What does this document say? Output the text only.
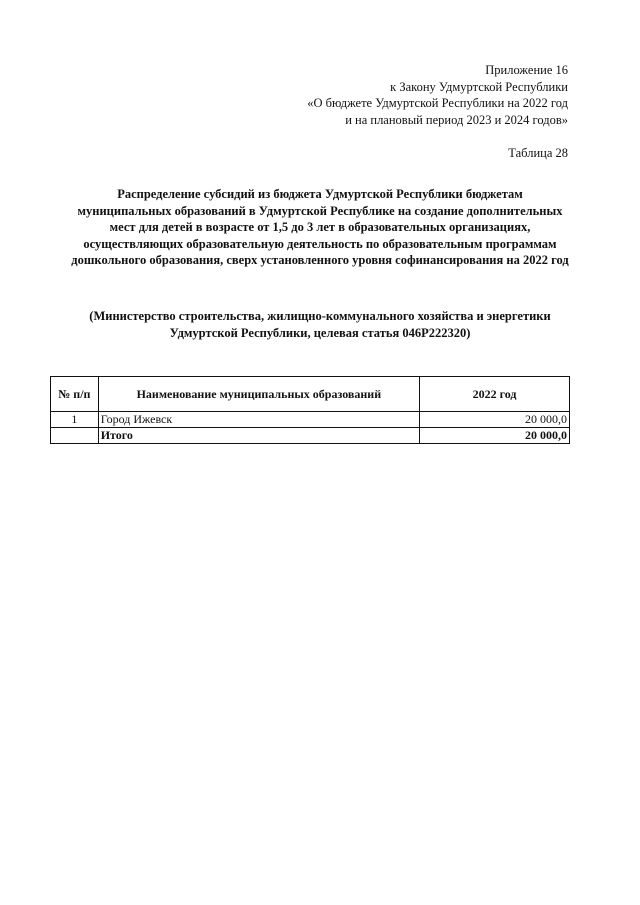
Приложение 16
к Закону Удмуртской Республики
«О бюджете Удмуртской Республики на 2022 год
и на плановый период 2023 и 2024 годов»
Таблица 28
Распределение субсидий из бюджета Удмуртской Республики бюджетам
муниципальных образований в Удмуртской Республике на создание дополнительных
мест для детей в возрасте от 1,5 до 3 лет в образовательных организациях,
осуществляющих образовательную деятельность по образовательным программам
дошкольного образования, сверх установленного уровня софинансирования на 2022 год
(Министерство строительства, жилищно-коммунального хозяйства и энергетики
Удмуртской Республики, целевая статья 046P222320)
№ п/п	Наименование муниципальных образований	2022 год
1	Город Ижевск	20 000,0
	Итого	20 000,0
